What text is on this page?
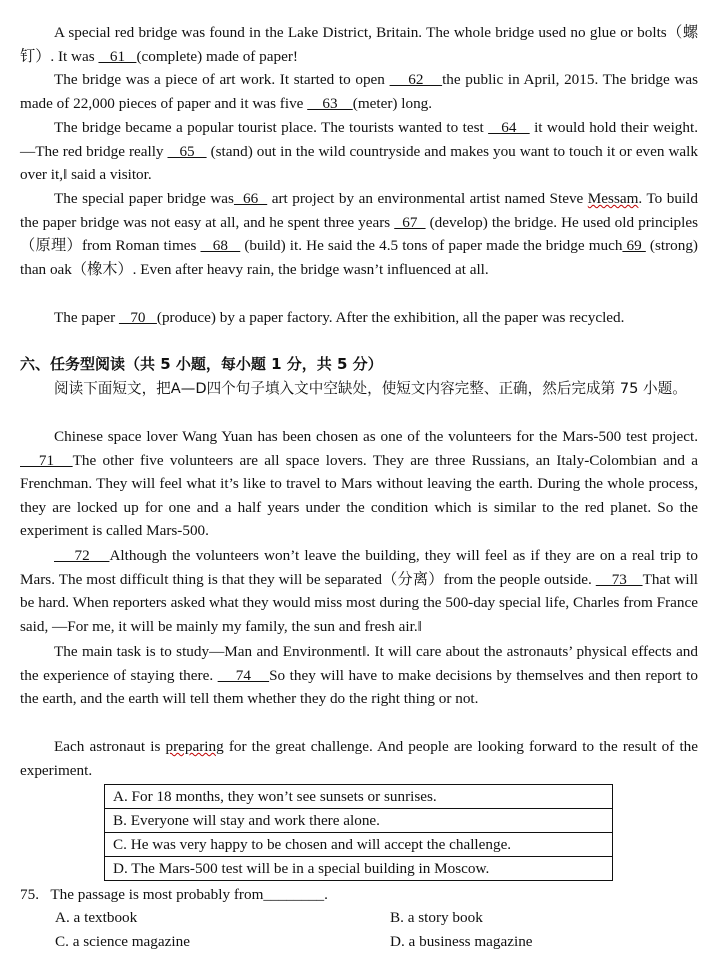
A special red bridge was found in the Lake District, Britain. The whole bridge used no glue or bolts（螺钉）. It was    61   (complete) made of paper!

The bridge was a piece of art work. It started to open     62    the public in April, 2015. The bridge was made of 22,000 pieces of paper and it was five     63    (meter) long.

The bridge became a popular tourist place. The tourists wanted to test    64    it would hold their weight. —The red bridge really    65    (stand) out in the wild countryside and makes you want to touch it or even walk over it,‖ said a visitor.

The special paper bridge was  66   art project by an environmental artist named Steve Messam. To build the paper bridge was not easy at all, and he spent three years   67   (develop) the bridge. He used old principles（原理）from Roman times    68    (build) it. He said the 4.5 tons of paper made the bridge much 69  (strong) than oak（橡木）. Even after heavy rain, the bridge wasn’t influenced at all.

The paper    70   (produce) by a paper factory. After the exhibition, all the paper was recycled.

六、任务型阅读（共 5 小题，每小题 1 分，共 5 分）

阅读下面短文，把A—D四个句子填入文中空缺处，使短文内容完整、正确，然后完成第 75 小题。

Chinese space lover Wang Yuan has been chosen as one of the volunteers for the Mars-500 test project.    71   The other five volunteers are all space lovers. They are three Russians, an Italy-Colombian and a Frenchman. They will feel what it’s like to travel to Mars without leaving the earth. During the whole process, they are locked up for one and a half years under the condition which is similar to the red planet. So the experiment is called Mars-500.

72    Although the volunteers won’t leave the building, they will feel as if they are on a real trip to Mars. The most difficult thing is that they will be separated（分离）from the people outside.     73    That will be hard. When reporters asked what they would miss most during the 500-day special life, Charles from France said, —For me, it will be mainly my family, the sun and fresh air.‖

The main task is to study—Man and Environment‖. It will care about the astronauts’ physical effects and the experience of staying there.     74    So they will have to make decisions by themselves and then report to the earth, and the earth will tell them whether they do the right thing or not.

Each astronaut is preparing for the great challenge. And people are looking forward to the result of the experiment.

A. For 18 months, they won’t see sunsets or sunrises.
B. Everyone will stay and work there alone.
C. He was very happy to be chosen and will accept the challenge.
D. The Mars-500 test will be in a special building in Moscow.
75. The passage is most probably from________.
A. a textbook	B. a story book
C. a science magazine	D. a business magazine
